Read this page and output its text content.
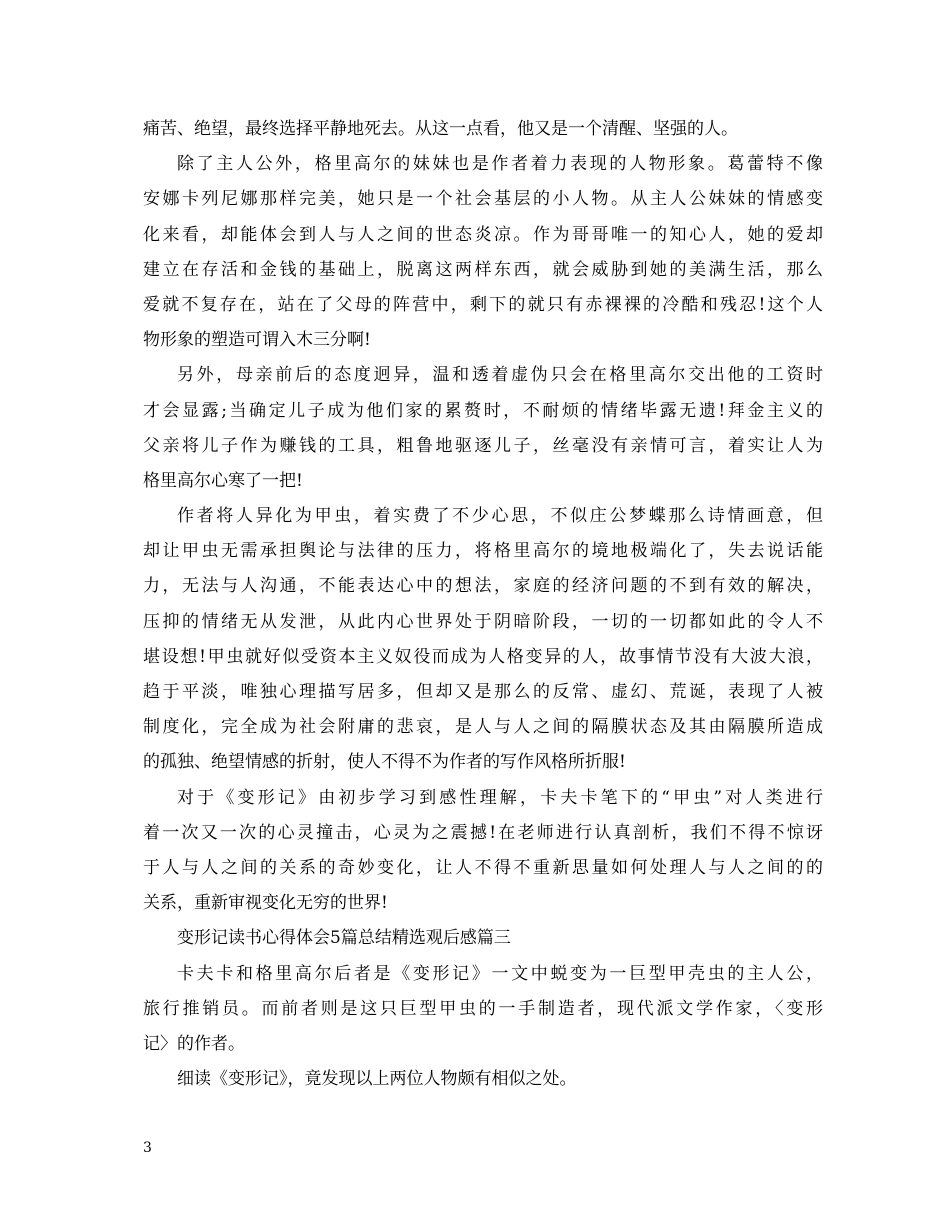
痛苦、绝望，最终选择平静地死去。从这一点看，他又是一个清醒、坚强的人。
除了主人公外，格里高尔的妹妹也是作者着力表现的人物形象。葛蕾特不像
安娜卡列尼娜那样完美，她只是一个社会基层的小人物。从主人公妹妹的情感变
化来看，却能体会到人与人之间的世态炎凉。作为哥哥唯一的知心人，她的爱却
建立在存活和金钱的基础上，脱离这两样东西，就会威胁到她的美满生活，那么
爱就不复存在，站在了父母的阵营中，剩下的就只有赤裸裸的冷酷和残忍!这个人
物形象的塑造可谓入木三分啊!
另外，母亲前后的态度迥异，温和透着虚伪只会在格里高尔交出他的工资时
才会显露;当确定儿子成为他们家的累赘时，不耐烦的情绪毕露无遗!拜金主义的
父亲将儿子作为赚钱的工具，粗鲁地驱逐儿子，丝毫没有亲情可言，着实让人为
格里高尔心寒了一把!
作者将人异化为甲虫，着实费了不少心思，不似庄公梦蝶那么诗情画意，但
却让甲虫无需承担舆论与法律的压力，将格里高尔的境地极端化了，失去说话能
力，无法与人沟通，不能表达心中的想法，家庭的经济问题的不到有效的解决，
压抑的情绪无从发泄，从此内心世界处于阴暗阶段，一切的一切都如此的令人不
堪设想!甲虫就好似受资本主义奴役而成为人格变异的人，故事情节没有大波大浪，
趋于平淡，唯独心理描写居多，但却又是那么的反常、虚幻、荒诞，表现了人被
制度化，完全成为社会附庸的悲哀，是人与人之间的隔膜状态及其由隔膜所造成
的孤独、绝望情感的折射，使人不得不为作者的写作风格所折服!
对于《变形记》由初步学习到感性理解，卡夫卡笔下的“甲虫”对人类进行
着一次又一次的心灵撞击，心灵为之震撼!在老师进行认真剖析，我们不得不惊讶
于人与人之间的关系的奇妙变化，让人不得不重新思量如何处理人与人之间的的
关系，重新审视变化无穷的世界!
变形记读书心得体会5篇总结精选观后感篇三
卡夫卡和格里高尔后者是《变形记》一文中蜕变为一巨型甲壳虫的主人公，
旅行推销员。而前者则是这只巨型甲虫的一手制造者，现代派文学作家，〈变形
记〉的作者。
细读《变形记》，竟发现以上两位人物颇有相似之处。
3
